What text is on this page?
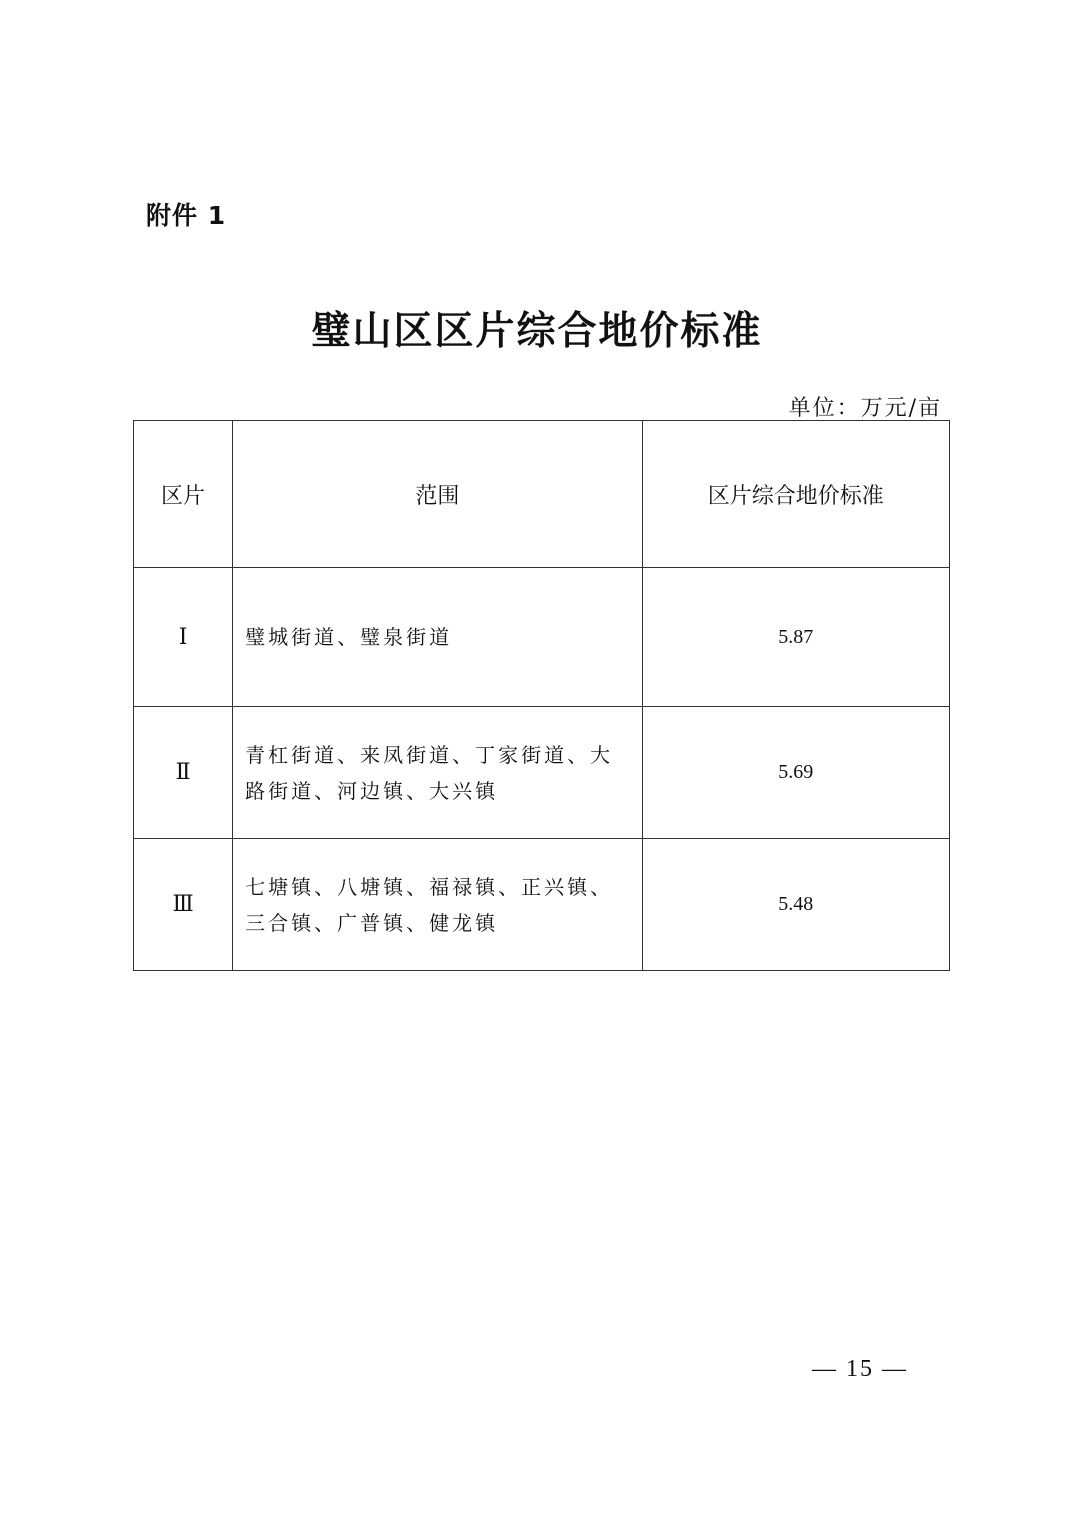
附件 1
璧山区区片综合地价标准
单位：万元/亩
区片	范围	区片综合地价标准
Ⅰ	璧城街道、璧泉街道	5.87
Ⅱ	青杠街道、来凤街道、丁家街道、大路街道、河边镇、大兴镇	5.69
Ⅲ	七塘镇、八塘镇、福禄镇、正兴镇、三合镇、广普镇、健龙镇	5.48
— 15 —
